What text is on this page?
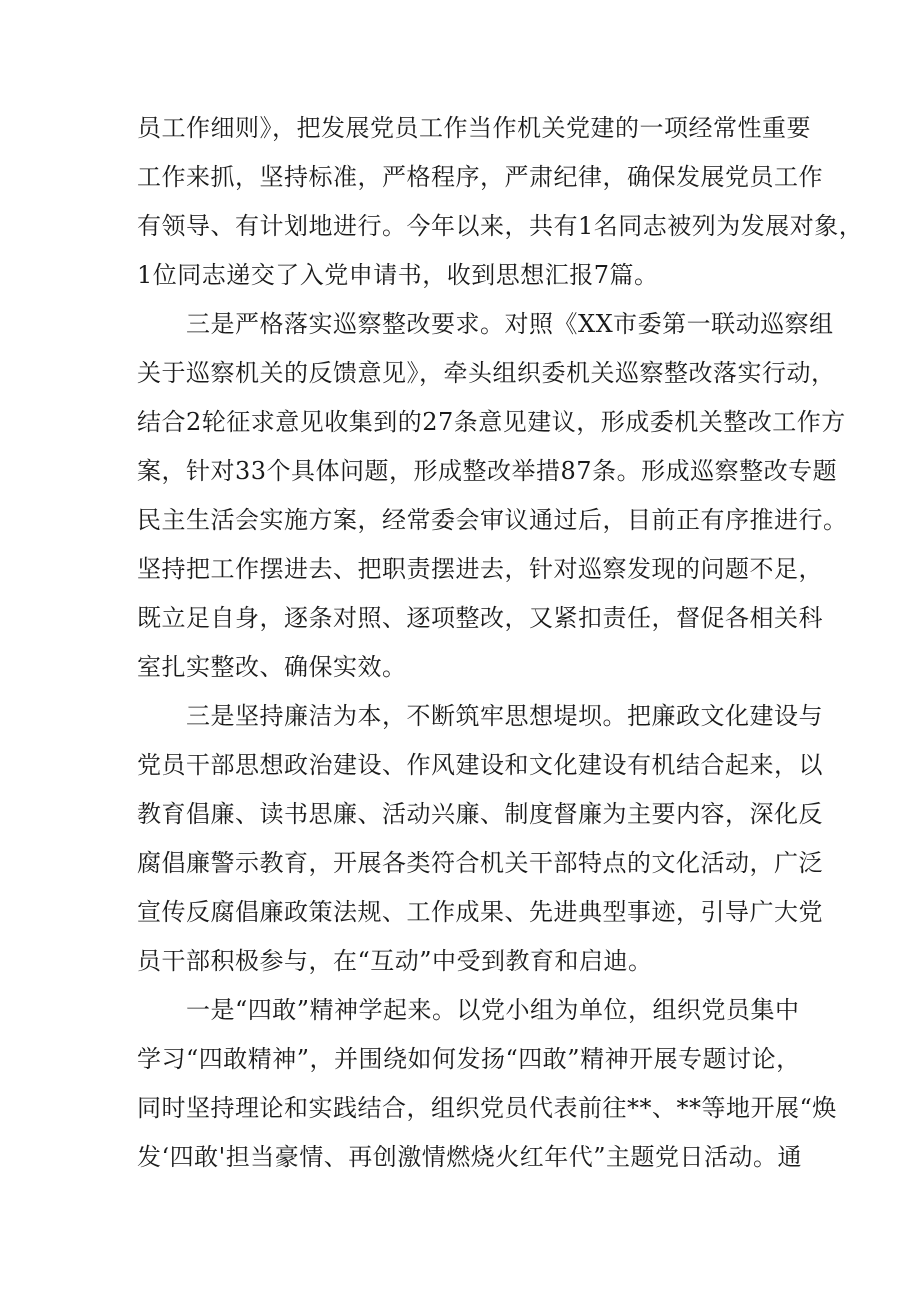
员工作细则》，把发展党员工作当作机关党建的一项经常性重要
工作来抓，坚持标准，严格程序，严肃纪律，确保发展党员工作
有领导、有计划地进行。今年以来，共有1名同志被列为发展对象，
1位同志递交了入党申请书，收到思想汇报7篇。
三是严格落实巡察整改要求。对照《XX市委第一联动巡察组
关于巡察机关的反馈意见》，牵头组织委机关巡察整改落实行动，
结合2轮征求意见收集到的27条意见建议，形成委机关整改工作方
案，针对33个具体问题，形成整改举措87条。形成巡察整改专题
民主生活会实施方案，经常委会审议通过后，目前正有序推进行。
坚持把工作摆进去、把职责摆进去，针对巡察发现的问题不足，
既立足自身，逐条对照、逐项整改，又紧扣责任，督促各相关科
室扎实整改、确保实效。
三是坚持廉洁为本，不断筑牢思想堤坝。把廉政文化建设与
党员干部思想政治建设、作风建设和文化建设有机结合起来，以
教育倡廉、读书思廉、活动兴廉、制度督廉为主要内容，深化反
腐倡廉警示教育，开展各类符合机关干部特点的文化活动，广泛
宣传反腐倡廉政策法规、工作成果、先进典型事迹，引导广大党
员干部积极参与，在“互动”中受到教育和启迪。
一是“四敢”精神学起来。以党小组为单位，组织党员集中
学习“四敢精神”，并围绕如何发扬“四敢”精神开展专题讨论，
同时坚持理论和实践结合，组织党员代表前往**、**等地开展“焕
发‘四敢'担当豪情、再创激情燃烧火红年代”主题党日活动。通
